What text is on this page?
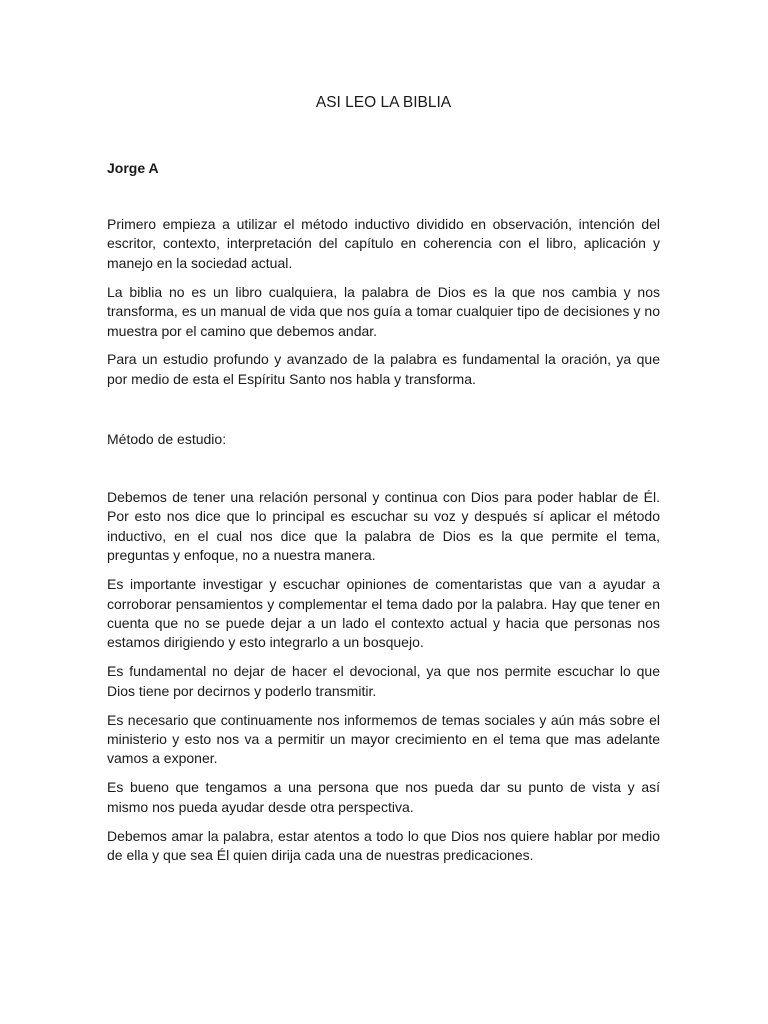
ASI LEO LA BIBLIA
Jorge A

Primero empieza a utilizar el método inductivo dividido en observación, intención del escritor, contexto, interpretación del capítulo en coherencia con el libro, aplicación y manejo en la sociedad actual.

La biblia no es un libro cualquiera, la palabra de Dios es la que nos cambia y nos transforma, es un manual de vida que nos guía a tomar cualquier tipo de decisiones y no muestra por el camino que debemos andar.

Para un estudio profundo y avanzado de la palabra es fundamental la oración, ya que por medio de esta el Espíritu Santo nos habla y transforma.

Método de estudio:

Debemos de tener una relación personal y continua con Dios para poder hablar de Él. Por esto nos dice que lo principal es escuchar su voz y después sí aplicar el método inductivo, en el cual nos dice que la palabra de Dios es la que permite el tema, preguntas y enfoque, no a nuestra manera.

Es importante investigar y escuchar opiniones de comentaristas que van a ayudar a corroborar pensamientos y complementar el tema dado por la palabra. Hay que tener en cuenta que no se puede dejar a un lado el contexto actual y hacia que personas nos estamos dirigiendo y esto integrarlo a un bosquejo.

Es fundamental no dejar de hacer el devocional, ya que nos permite escuchar lo que Dios tiene por decirnos y poderlo transmitir.

Es necesario que continuamente nos informemos de temas sociales y aún más sobre el ministerio y esto nos va a permitir un mayor crecimiento en el tema que mas adelante vamos a exponer.

Es bueno que tengamos a una persona que nos pueda dar su punto de vista y así mismo nos pueda ayudar desde otra perspectiva.

Debemos amar la palabra, estar atentos a todo lo que Dios nos quiere hablar por medio de ella y que sea Él quien dirija cada una de nuestras predicaciones.
